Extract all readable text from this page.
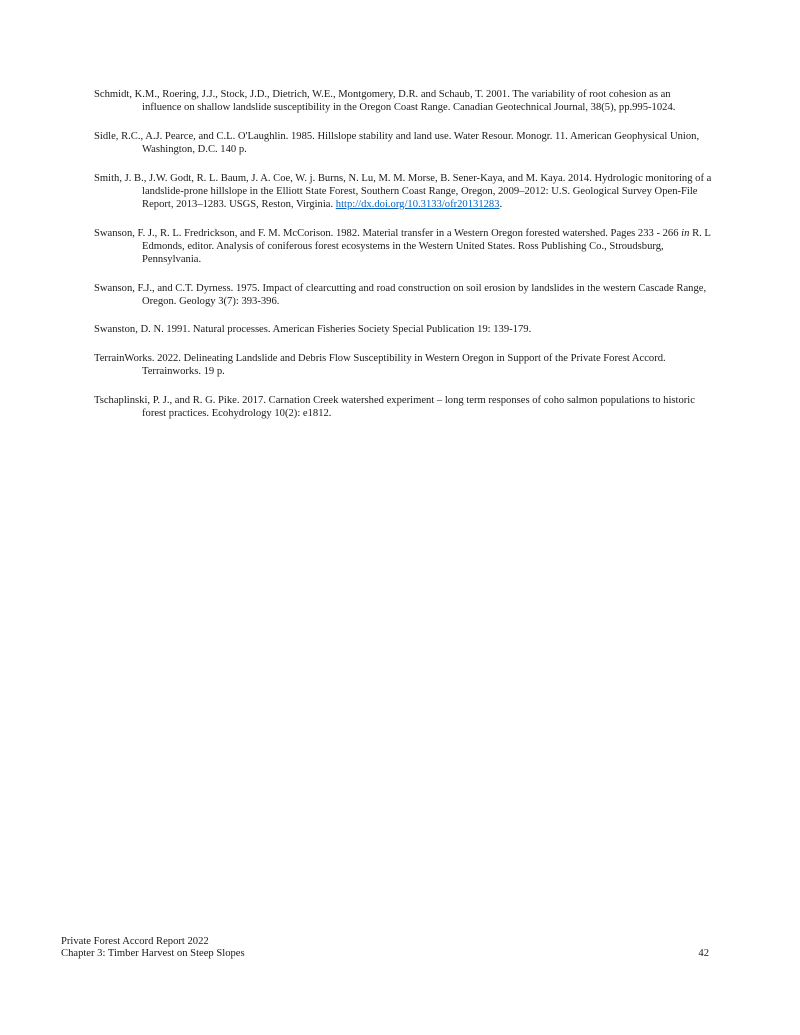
Schmidt, K.M., Roering, J.J., Stock, J.D., Dietrich, W.E., Montgomery, D.R. and Schaub, T. 2001. The variability of root cohesion as an influence on shallow landslide susceptibility in the Oregon Coast Range. Canadian Geotechnical Journal, 38(5), pp.995-1024.
Sidle, R.C., A.J. Pearce, and C.L. O'Laughlin. 1985. Hillslope stability and land use. Water Resour. Monogr. 11. American Geophysical Union, Washington, D.C. 140 p.
Smith, J. B., J.W. Godt, R. L. Baum, J. A. Coe, W. j. Burns, N. Lu, M. M. Morse, B. Sener-Kaya, and M. Kaya. 2014. Hydrologic monitoring of a landslide-prone hillslope in the Elliott State Forest, Southern Coast Range, Oregon, 2009–2012: U.S. Geological Survey Open-File Report, 2013–1283. USGS, Reston, Virginia. http://dx.doi.org/10.3133/ofr20131283.
Swanson, F. J., R. L. Fredrickson, and F. M. McCorison. 1982. Material transfer in a Western Oregon forested watershed. Pages 233 - 266 in R. L Edmonds, editor. Analysis of coniferous forest ecosystems in the Western United States. Ross Publishing Co., Stroudsburg, Pennsylvania.
Swanson, F.J., and C.T. Dyrness. 1975. Impact of clearcutting and road construction on soil erosion by landslides in the western Cascade Range, Oregon. Geology 3(7): 393-396.
Swanston, D. N. 1991. Natural processes. American Fisheries Society Special Publication 19: 139-179.
TerrainWorks. 2022. Delineating Landslide and Debris Flow Susceptibility in Western Oregon in Support of the Private Forest Accord. Terrainworks. 19 p.
Tschaplinski, P. J., and R. G. Pike. 2017. Carnation Creek watershed experiment – long term responses of coho salmon populations to historic forest practices. Ecohydrology 10(2): e1812.
Private Forest Accord Report 2022
Chapter 3: Timber Harvest on Steep Slopes	42
